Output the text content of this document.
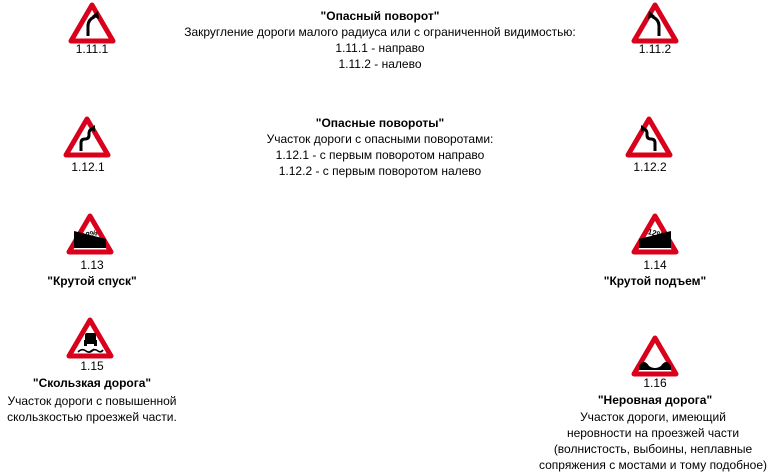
1.11.1	1.11.2
"Опасный поворот"
Закругление дороги малого радиуса или с ограниченной видимостью:
1.11.1 - направо
1.11.2 - налево
1.12.1	1.12.2
"Опасные повороты"
Участок дороги с опасными поворотами:
1.12.1 - с первым поворотом направо
1.12.2 - с первым поворотом налево
12%
1.13
"Крутой спуск"
12%
1.14
"Крутой подъем"
1.15
"Скользкая дорога"
Участок дороги с повышенной
скользкостью проезжей части.
1.16
"Неровная дорога"
Участок дороги, имеющий
неровности на проезжей части
(волнистость, выбоины, неплавные
сопряжения с мостами и тому подобное)
